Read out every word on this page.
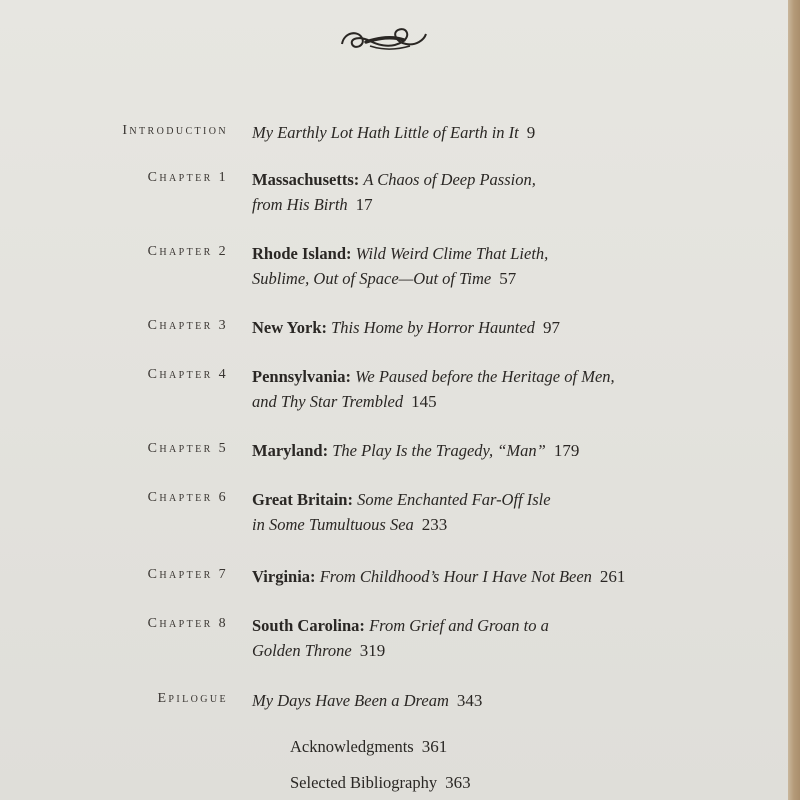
Introduction My Earthly Lot Hath Little of Earth in It 9
Chapter 1 Massachusetts: A Chaos of Deep Passion,
from His Birth 17
Chapter 2 Rhode Island: Wild Weird Clime That Lieth,
Sublime, Out of Space—Out of Time 57
Chapter 3 New York: This Home by Horror Haunted 97
Chapter 4 Pennsylvania: We Paused before the Heritage of Men,
and Thy Star Trembled 145
Chapter 5 Maryland: The Play Is the Tragedy, “Man” 179
Chapter 6 Great Britain: Some Enchanted Far-Off Isle
in Some Tumultuous Sea 233
Chapter 7 Virginia: From Childhood’s Hour I Have Not Been 261
Chapter 8 South Carolina: From Grief and Groan to a
Golden Throne 319
Epilogue My Days Have Been a Dream 343
Acknowledgments 361
Selected Bibliography 363
